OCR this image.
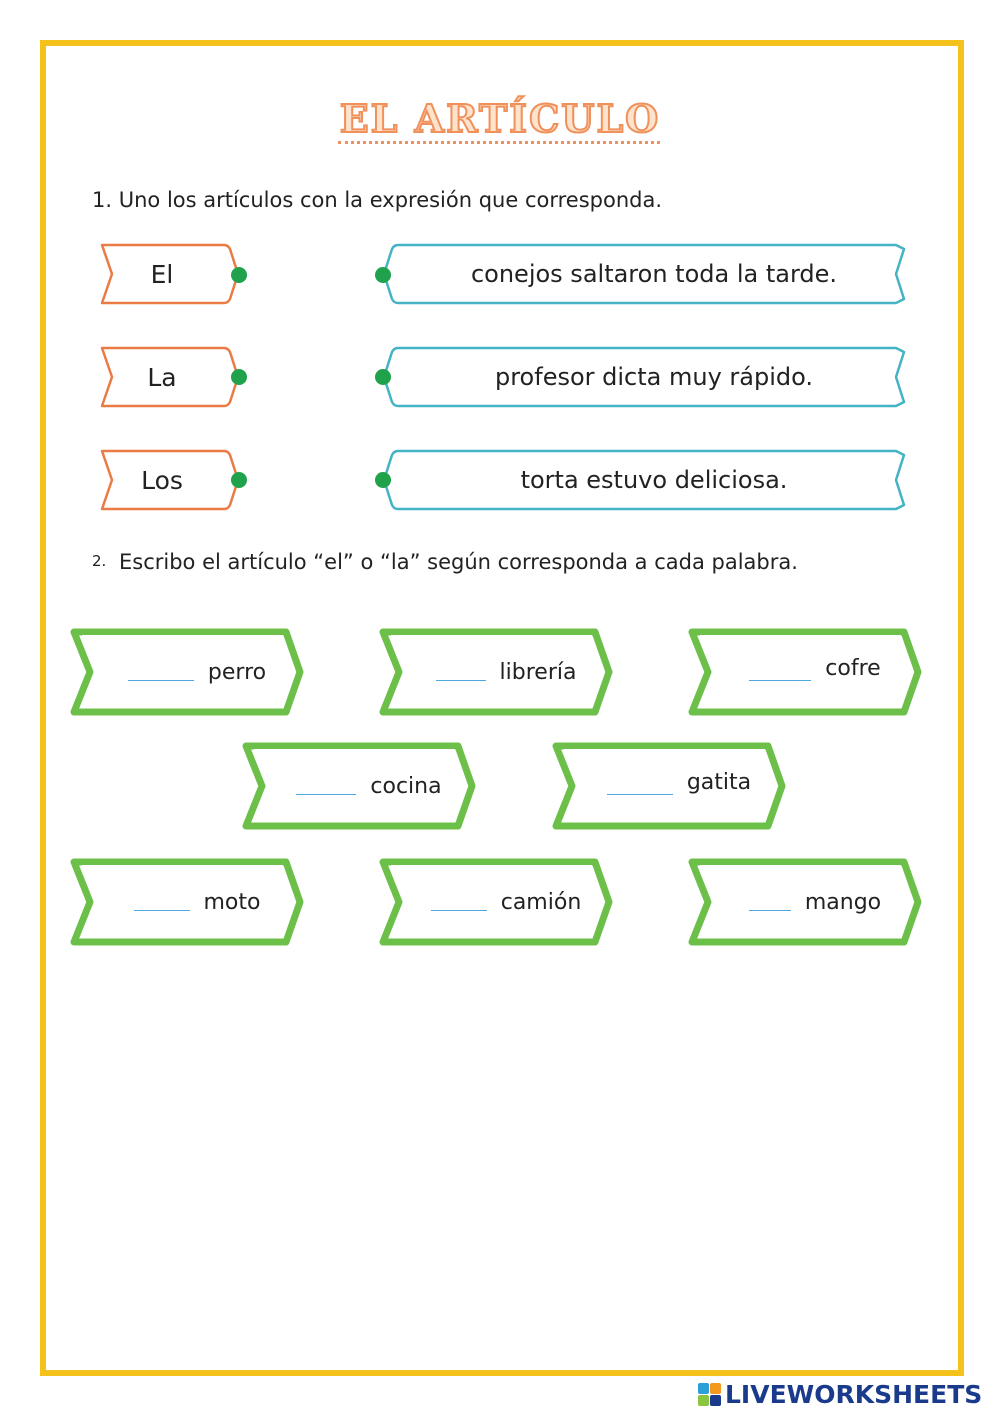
EL ARTÍCULO
1. Uno los artículos con la expresión que corresponda.
El
La
Los
conejos saltaron toda la tarde.
profesor dicta muy rápido.
torta estuvo deliciosa.
2. Escribo el artículo “el” o “la” según corresponda a cada palabra.
perro	librería	cofre
cocina	gatita
moto	camión	mango
LIVEWORKSHEETS
